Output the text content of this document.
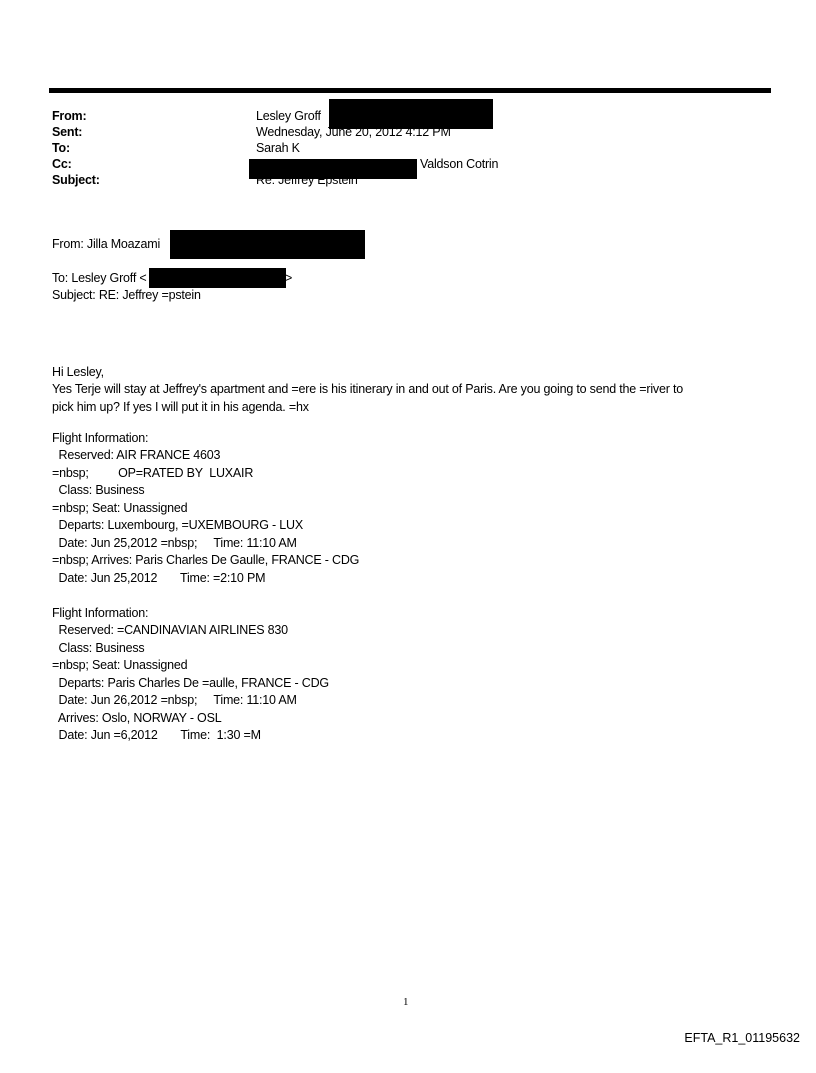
From:	Lesley Groff
Sent:	Wednesday, June 20, 2012 4:12 PM
To:	Sarah K
Cc:	Valdson Cotrin
Subject:	Re: Jeffrey Epstein
From: Jilla Moazami
To: Lesley Groff <	>
Subject: RE: Jeffrey =pstein
Hi Lesley,
Yes Terje will stay at Jeffrey's apartment and =ere is his itinerary in and out of Paris. Are you going to send the =river to
pick him up? If yes I will put it in his agenda. =hx
Flight Information:
Reserved: AIR FRANCE 4603
=nbsp;         OP=RATED BY  LUXAIR
Class: Business
=nbsp; Seat: Unassigned
Departs: Luxembourg, =UXEMBOURG - LUX
Date: Jun 25,2012 =nbsp;     Time: 11:10 AM
=nbsp; Arrives: Paris Charles De Gaulle, FRANCE - CDG
Date: Jun 25,2012       Time: =2:10 PM
Flight Information:
Reserved: =CANDINAVIAN AIRLINES 830
Class: Business
=nbsp; Seat: Unassigned
Departs: Paris Charles De =aulle, FRANCE - CDG
Date: Jun 26,2012 =nbsp;     Time: 11:10 AM
Arrives: Oslo, NORWAY - OSL
Date: Jun =6,2012       Time:  1:30 =M
1
EFTA_R1_01195632
